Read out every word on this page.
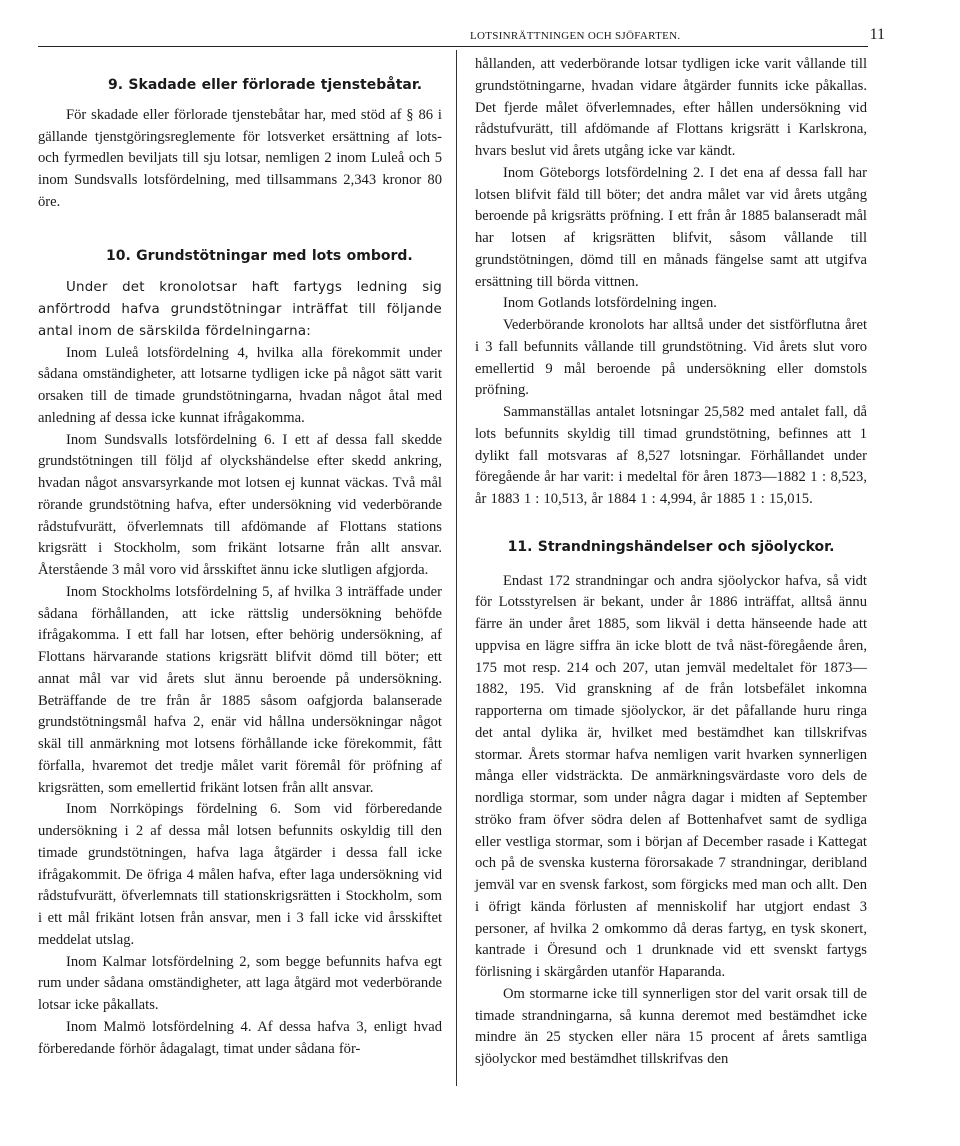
LOTSINRÄTTNINGEN OCH SJÖFARTEN.	11

9. Skadade eller förlorade tjenstebåtar.

För skadade eller förlorade tjenstebåtar har, med stöd af § 86 i gällande tjenstgöringsreglemente för lotsverket ersättning af lots- och fyrmedlen beviljats till sju lotsar, nemligen 2 inom Luleå och 5 inom Sundsvalls lotsfördelning, med tillsammans 2,343 kronor 80 öre.

10. Grundstötningar med lots ombord.

Under det kronolotsar haft fartygs ledning sig anförtrodd hafva grundstötningar inträffat till följande antal inom de särskilda fördelningarna:

Inom Luleå lotsfördelning 4, hvilka alla förekommit under sådana omständigheter, att lotsarne tydligen icke på något sätt varit orsaken till de timade grundstötningarna, hvadan något åtal med anledning af dessa icke kunnat ifrågakomma.

Inom Sundsvalls lotsfördelning 6. I ett af dessa fall skedde grundstötningen till följd af olyckshändelse efter skedd ankring, hvadan något ansvarsyrkande mot lotsen ej kunnat väckas. Två mål rörande grundstötning hafva, efter undersökning vid vederbörande rådstufvurätt, öfverlemnats till afdömande af Flottans stations krigsrätt i Stockholm, som frikänt lotsarne från allt ansvar. Återstående 3 mål voro vid årsskiftet ännu icke slutligen afgjorda.

Inom Stockholms lotsfördelning 5, af hvilka 3 inträffade under sådana förhållanden, att icke rättslig undersökning behöfde ifrågakomma. I ett fall har lotsen, efter behörig undersökning, af Flottans härvarande stations krigsrätt blifvit dömd till böter; ett annat mål var vid årets slut ännu beroende på undersökning. Beträffande de tre från år 1885 såsom oafgjorda balanserade grundstötningsmål hafva 2, enär vid hållna undersökningar något skäl till anmärkning mot lotsens förhållande icke förekommit, fått förfalla, hvaremot det tredje målet varit föremål för pröfning af krigsrätten, som emellertid frikänt lotsen från allt ansvar.

Inom Norrköpings fördelning 6. Som vid förberedande undersökning i 2 af dessa mål lotsen befunnits oskyldig till den timade grundstötningen, hafva laga åtgärder i dessa fall icke ifrågakommit. De öfriga 4 målen hafva, efter laga undersökning vid rådstufvurätt, öfverlemnats till stationskrigsrätten i Stockholm, som i ett mål frikänt lotsen från ansvar, men i 3 fall icke vid årsskiftet meddelat utslag.

Inom Kalmar lotsfördelning 2, som begge befunnits hafva egt rum under sådana omständigheter, att laga åtgärd mot vederbörande lotsar icke påkallats.

Inom Malmö lotsfördelning 4. Af dessa hafva 3, enligt hvad förberedande förhör ådagalagt, timat under sådana för-

hållanden, att vederbörande lotsar tydligen icke varit vållande till grundstötningarne, hvadan vidare åtgärder funnits icke påkallas. Det fjerde målet öfverlemnades, efter hållen undersökning vid rådstufvurätt, till afdömande af Flottans krigsrätt i Karlskrona, hvars beslut vid årets utgång icke var kändt.

Inom Göteborgs lotsfördelning 2. I det ena af dessa fall har lotsen blifvit fäld till böter; det andra målet var vid årets utgång beroende på krigsrätts pröfning. I ett från år 1885 balanseradt mål har lotsen af krigsrätten blifvit, såsom vållande till grundstötningen, dömd till en månads fängelse samt att utgifva ersättning till börda vittnen.

Inom Gotlands lotsfördelning ingen.

Vederbörande kronolots har alltså under det sistförflutna året i 3 fall befunnits vållande till grundstötning. Vid årets slut voro emellertid 9 mål beroende på undersökning eller domstols pröfning.

Sammanställas antalet lotsningar 25,582 med antalet fall, då lots befunnits skyldig till timad grundstötning, befinnes att 1 dylikt fall motsvaras af 8,527 lotsningar. Förhållandet under föregående år har varit: i medeltal för åren 1873—1882 1 : 8,523, år 1883 1 : 10,513, år 1884 1 : 4,994, år 1885 1 : 15,015.

11. Strandningshändelser och sjöolyckor.

Endast 172 strandningar och andra sjöolyckor hafva, så vidt för Lotsstyrelsen är bekant, under år 1886 inträffat, alltså ännu färre än under året 1885, som likväl i detta hänseende hade att uppvisa en lägre siffra än icke blott de två näst-föregående åren, 175 mot resp. 214 och 207, utan jemväl medeltalet för 1873—1882, 195. Vid granskning af de från lotsbefälet inkomna rapporterna om timade sjöolyckor, är det påfallande huru ringa det antal dylika är, hvilket med bestämdhet kan tillskrifvas stormar. Årets stormar hafva nemligen varit hvarken synnerligen många eller vidsträckta. De anmärkningsvärdaste voro dels de nordliga stormar, som under några dagar i midten af September ströko fram öfver södra delen af Bottenhafvet samt de sydliga eller vestliga stormar, som i början af December rasade i Kattegat och på de svenska kusterna förorsakade 7 strandningar, deribland jemväl var en svensk farkost, som förgicks med man och allt. Den i öfrigt kända förlusten af menniskolif har utgjort endast 3 personer, af hvilka 2 omkommo då deras fartyg, en tysk skonert, kantrade i Öresund och 1 drunknade vid ett svenskt fartygs förlisning i skärgården utanför Haparanda.

Om stormarne icke till synnerligen stor del varit orsak till de timade strandningarna, så kunna deremot med bestämdhet icke mindre än 25 stycken eller nära 15 procent af årets samtliga sjöolyckor med bestämdhet tillskrifvas den
